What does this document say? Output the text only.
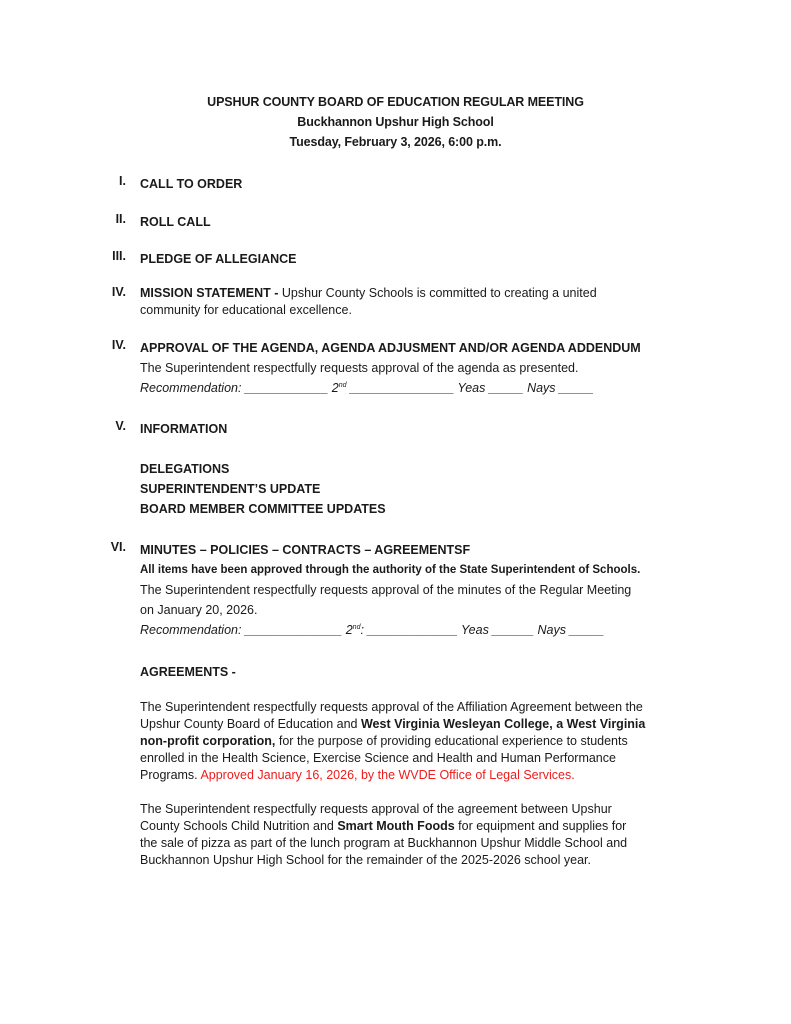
UPSHUR COUNTY BOARD OF EDUCATION REGULAR MEETING
Buckhannon Upshur High School
Tuesday, February 3, 2026, 6:00 p.m.
I. CALL TO ORDER
II. ROLL CALL
III. PLEDGE OF ALLEGIANCE
IV. MISSION STATEMENT - Upshur County Schools is committed to creating a united
community for educational excellence.
IV. APPROVAL OF THE AGENDA, AGENDA ADJUSMENT AND/OR AGENDA ADDENDUM
The Superintendent respectfully requests approval of the agenda as presented.
Recommendation: ____________ 2nd _______________ Yeas _____ Nays _____
V. INFORMATION
DELEGATIONS
SUPERINTENDENT’S UPDATE
BOARD MEMBER COMMITTEE UPDATES
VI. MINUTES – POLICIES – CONTRACTS – AGREEMENTSF
All items have been approved through the authority of the State Superintendent of Schools.
The Superintendent respectfully requests approval of the minutes of the Regular Meeting
on January 20, 2026.
Recommendation: ______________ 2nd: _____________ Yeas ______ Nays _____
AGREEMENTS -
The Superintendent respectfully requests approval of the Affiliation Agreement between the
Upshur County Board of Education and West Virginia Wesleyan College, a West Virginia
non-profit corporation, for the purpose of providing educational experience to students
enrolled in the Health Science, Exercise Science and Health and Human Performance
Programs. Approved January 16, 2026, by the WVDE Office of Legal Services.
The Superintendent respectfully requests approval of the agreement between Upshur
County Schools Child Nutrition and Smart Mouth Foods for equipment and supplies for
the sale of pizza as part of the lunch program at Buckhannon Upshur Middle School and
Buckhannon Upshur High School for the remainder of the 2025-2026 school year.
